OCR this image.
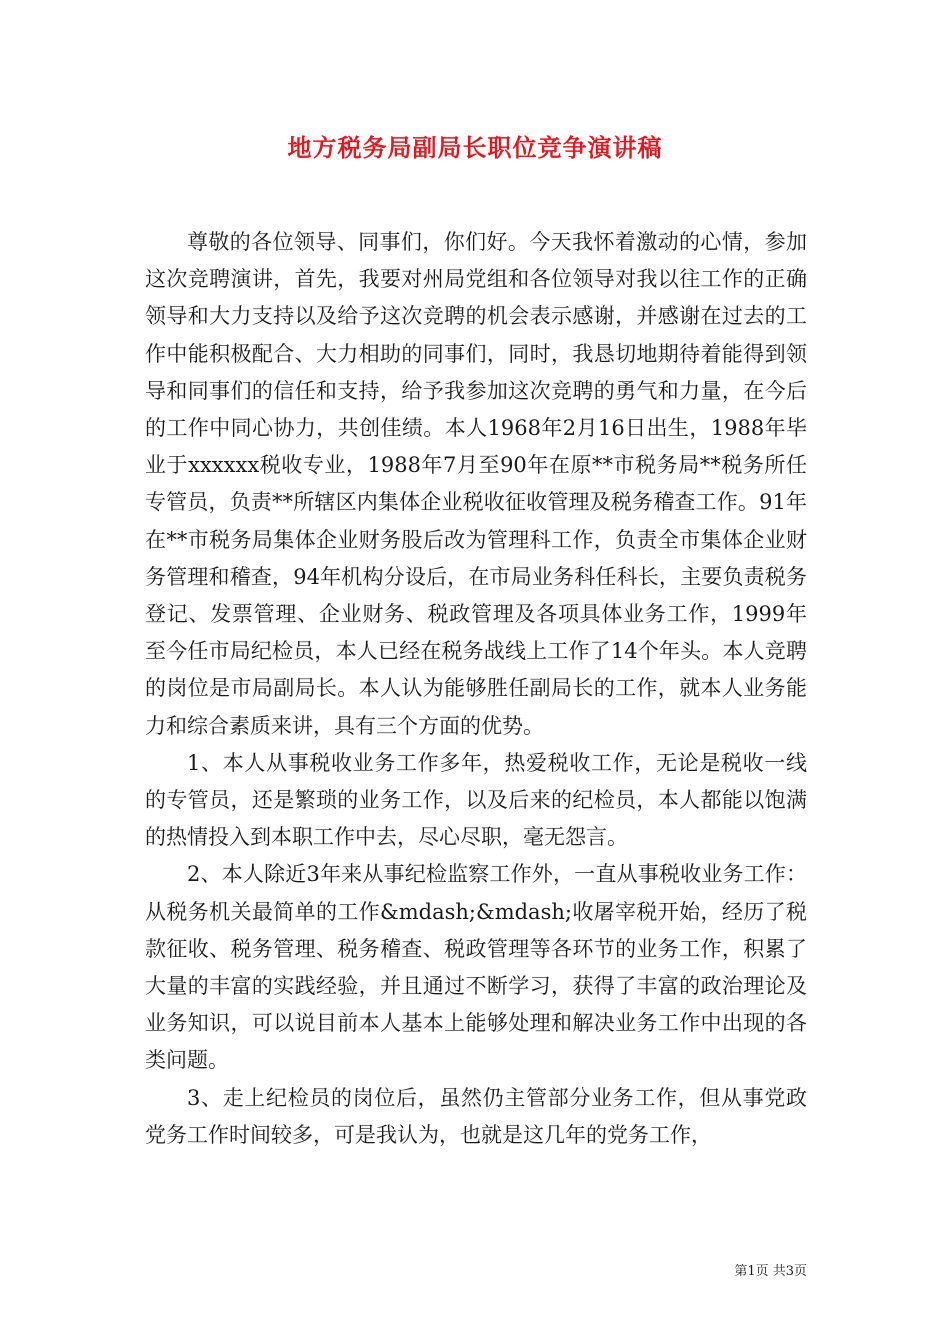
地方税务局副局长职位竞争演讲稿

尊敬的各位领导、同事们，你们好。今天我怀着激动的心情，参加这次竞聘演讲，首先，我要对州局党组和各位领导对我以往工作的正确领导和大力支持以及给予这次竞聘的机会表示感谢，并感谢在过去的工作中能积极配合、大力相助的同事们，同时，我恳切地期待着能得到领导和同事们的信任和支持，给予我参加这次竞聘的勇气和力量，在今后的工作中同心协力，共创佳绩。本人1968年2月16日出生，1988年毕业于xxxxxx税收专业，1988年7月至90年在原**市税务局**税务所任专管员，负责**所辖区内集体企业税收征收管理及税务稽查工作。91年在**市税务局集体企业财务股后改为管理科工作，负责全市集体企业财务管理和稽查，94年机构分设后，在市局业务科任科长，主要负责税务登记、发票管理、企业财务、税政管理及各项具体业务工作，1999年至今任市局纪检员，本人已经在税务战线上工作了14个年头。本人竞聘的岗位是市局副局长。本人认为能够胜任副局长的工作，就本人业务能力和综合素质来讲，具有三个方面的优势。

1、本人从事税收业务工作多年，热爱税收工作，无论是税收一线的专管员，还是繁琐的业务工作，以及后来的纪检员，本人都能以饱满的热情投入到本职工作中去，尽心尽职，毫无怨言。

2、本人除近3年来从事纪检监察工作外，一直从事税收业务工作：从税务机关最简单的工作&mdash;&mdash;收屠宰税开始，经历了税款征收、税务管理、税务稽查、税政管理等各环节的业务工作，积累了大量的丰富的实践经验，并且通过不断学习，获得了丰富的政治理论及业务知识，可以说目前本人基本上能够处理和解决业务工作中出现的各类问题。

3、走上纪检员的岗位后，虽然仍主管部分业务工作，但从事党政党务工作时间较多，可是我认为，也就是这几年的党务工作，

第1页 共3页
